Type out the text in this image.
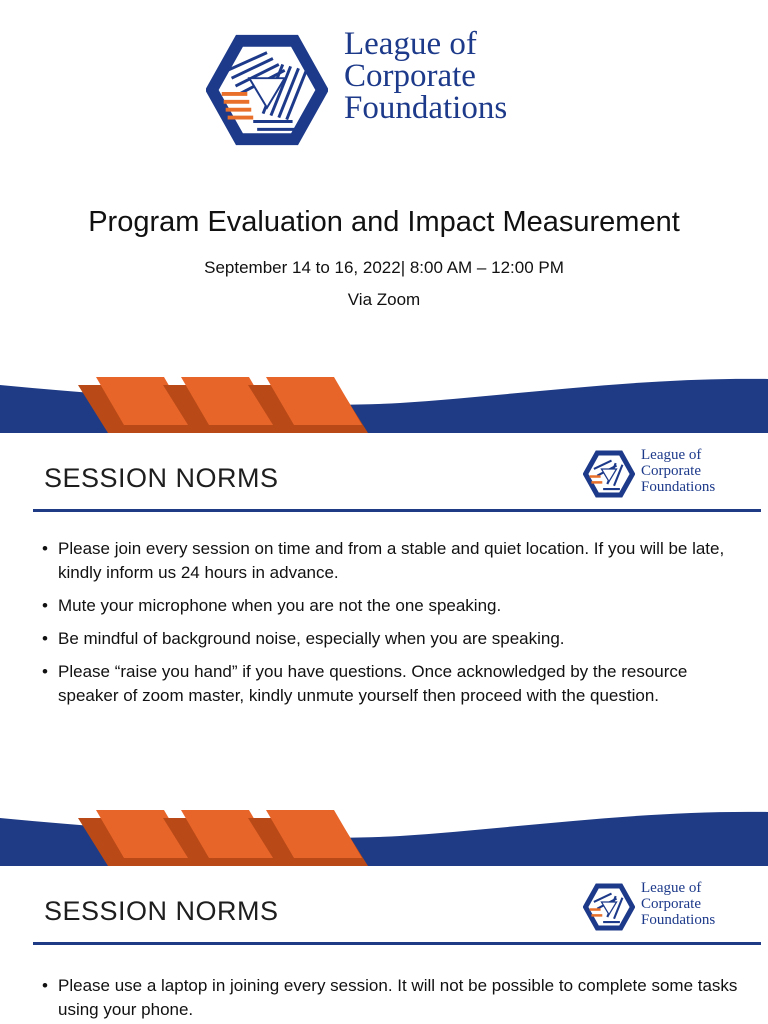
League of
Corporate
Foundations
Program Evaluation and Impact Measurement
September 14 to 16, 2022| 8:00 AM – 12:00 PM
Via Zoom
SESSION NORMS
League of
Corporate
Foundations
• Please join every session on time and from a stable and quiet location. If you will be late, kindly inform us 24 hours in advance.
• Mute your microphone when you are not the one speaking.
• Be mindful of background noise, especially when you are speaking.
• Please “raise you hand” if you have questions. Once acknowledged by the resource speaker of zoom master, kindly unmute yourself then proceed with the question.
SESSION NORMS
League of
Corporate
Foundations
• Please use a laptop in joining every session. It will not be possible to complete some tasks using your phone.
